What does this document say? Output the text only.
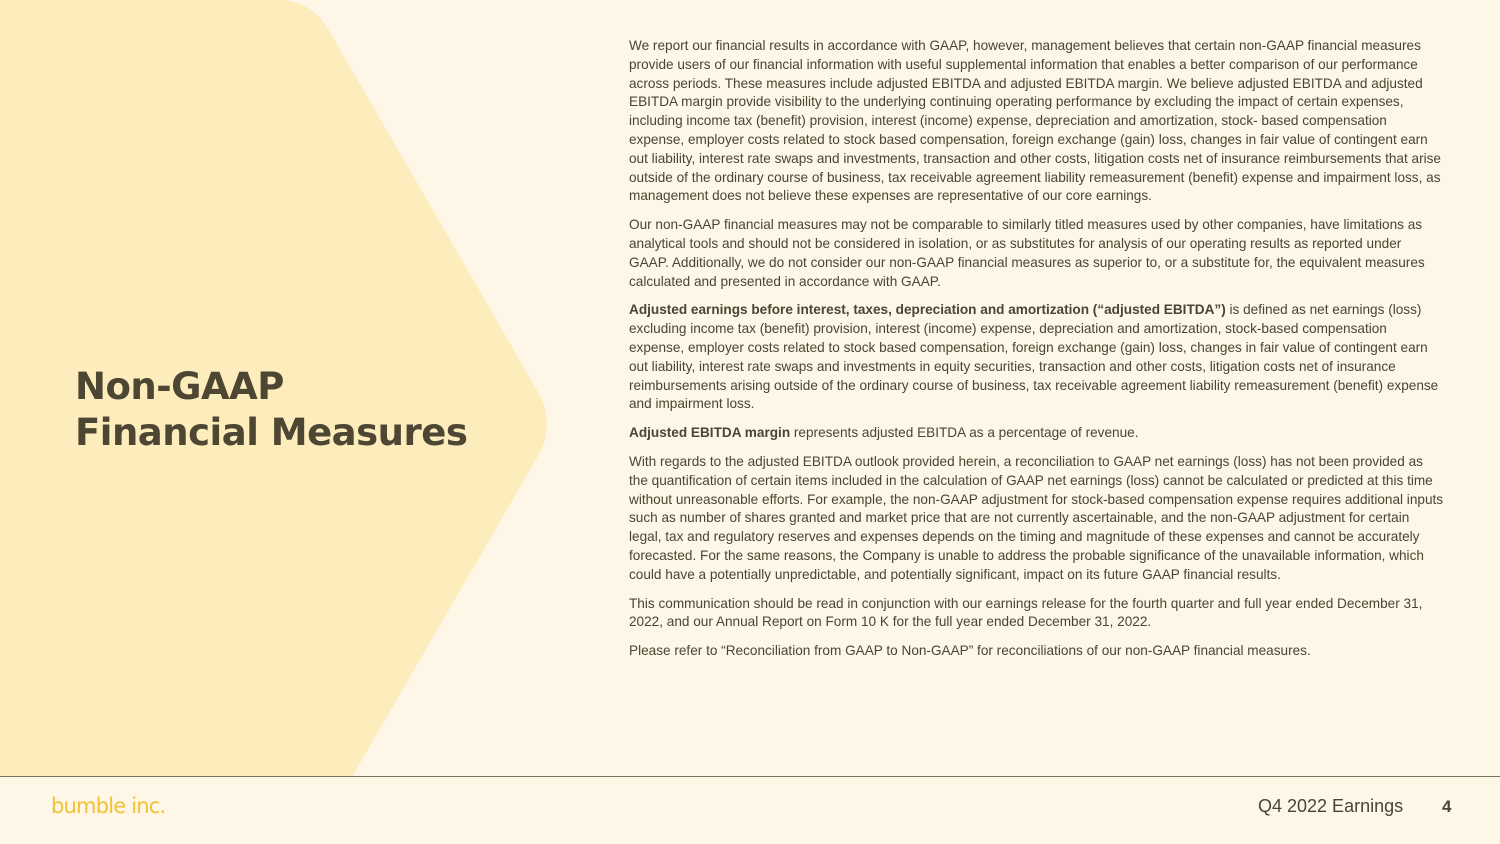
Non-GAAP
Financial Measures

We report our financial results in accordance with GAAP, however, management believes that certain non-GAAP financial measures provide users of our financial information with useful supplemental information that enables a better comparison of our performance across periods. These measures include adjusted EBITDA and adjusted EBITDA margin. We believe adjusted EBITDA and adjusted EBITDA margin provide visibility to the underlying continuing operating performance by excluding the impact of certain expenses, including income tax (benefit) provision, interest (income) expense, depreciation and amortization, stock- based compensation expense, employer costs related to stock based compensation, foreign exchange (gain) loss, changes in fair value of contingent earn out liability, interest rate swaps and investments, transaction and other costs, litigation costs net of insurance reimbursements that arise outside of the ordinary course of business, tax receivable agreement liability remeasurement (benefit) expense and impairment loss, as management does not believe these expenses are representative of our core earnings.

Our non-GAAP financial measures may not be comparable to similarly titled measures used by other companies, have limitations as analytical tools and should not be considered in isolation, or as substitutes for analysis of our operating results as reported under GAAP. Additionally, we do not consider our non-GAAP financial measures as superior to, or a substitute for, the equivalent measures calculated and presented in accordance with GAAP.

Adjusted earnings before interest, taxes, depreciation and amortization (“adjusted EBITDA”) is defined as net earnings (loss) excluding income tax (benefit) provision, interest (income) expense, depreciation and amortization, stock-based compensation expense, employer costs related to stock based compensation, foreign exchange (gain) loss, changes in fair value of contingent earn out liability, interest rate swaps and investments in equity securities, transaction and other costs, litigation costs net of insurance reimbursements arising outside of the ordinary course of business, tax receivable agreement liability remeasurement (benefit) expense and impairment loss.

Adjusted EBITDA margin represents adjusted EBITDA as a percentage of revenue.

With regards to the adjusted EBITDA outlook provided herein, a reconciliation to GAAP net earnings (loss) has not been provided as the quantification of certain items included in the calculation of GAAP net earnings (loss) cannot be calculated or predicted at this time without unreasonable efforts. For example, the non-GAAP adjustment for stock-based compensation expense requires additional inputs such as number of shares granted and market price that are not currently ascertainable, and the non-GAAP adjustment for certain legal, tax and regulatory reserves and expenses depends on the timing and magnitude of these expenses and cannot be accurately forecasted. For the same reasons, the Company is unable to address the probable significance of the unavailable information, which could have a potentially unpredictable, and potentially significant, impact on its future GAAP financial results.

This communication should be read in conjunction with our earnings release for the fourth quarter and full year ended December 31, 2022, and our Annual Report on Form 10 K for the full year ended December 31, 2022.

Please refer to “Reconciliation from GAAP to Non-GAAP” for reconciliations of our non-GAAP financial measures.

bumble inc.	Q4 2022 Earnings 4
